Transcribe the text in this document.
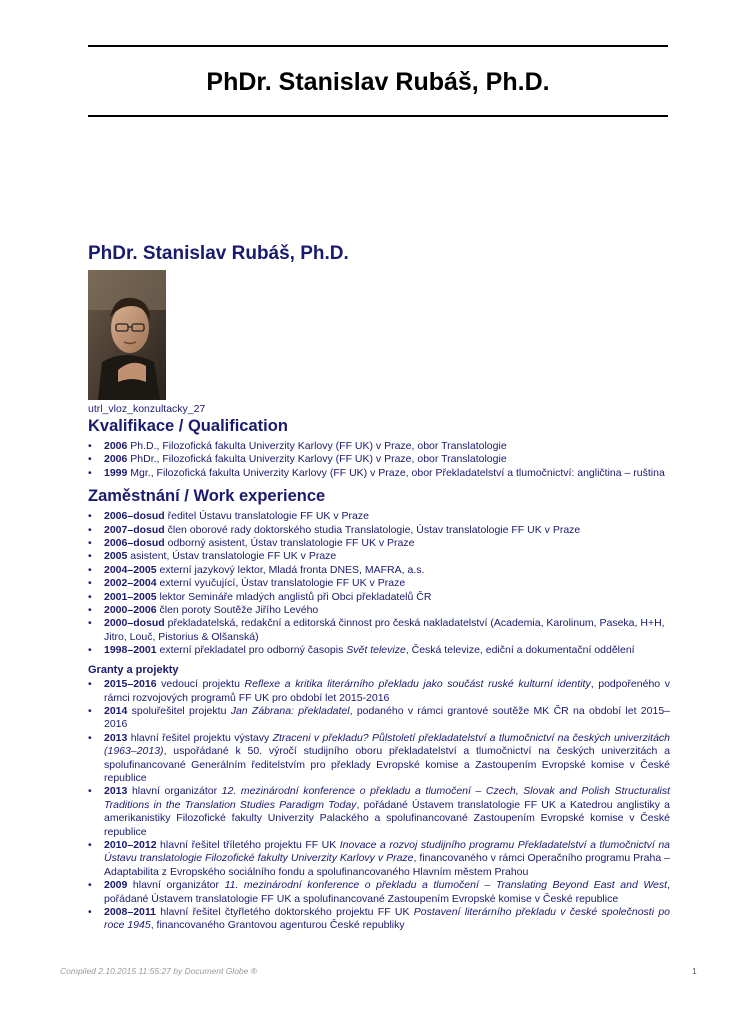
PhDr. Stanislav Rubáš, Ph.D.
PhDr. Stanislav Rubáš, Ph.D.
utrl_vloz_konzultacky_27
Kvalifikace / Qualification
• 2006 Ph.D., Filozofická fakulta Univerzity Karlovy (FF UK) v Praze, obor Translatologie
• 2006 PhDr., Filozofická fakulta Univerzity Karlovy (FF UK) v Praze, obor Translatologie
• 1999 Mgr., Filozofická fakulta Univerzity Karlovy (FF UK) v Praze, obor Překladatelství a tlumočnictví: angličtina – ruština
Zaměstnání / Work experience
• 2006–dosud ředitel Ústavu translatologie FF UK v Praze
• 2007–dosud člen oborové rady doktorského studia Translatologie, Ústav translatologie FF UK v Praze
• 2006–dosud odborný asistent, Ústav translatologie FF UK v Praze
• 2005 asistent, Ústav translatologie FF UK v Praze
• 2004–2005 externí jazykový lektor, Mladá fronta DNES, MAFRA, a.s.
• 2002–2004 externí vyučující, Ústav translatologie FF UK v Praze
• 2001–2005 lektor Semináře mladých anglistů při Obci překladatelů ČR
• 2000–2006 člen poroty Soutěže Jiřího Levého
• 2000–dosud překladatelská, redakční a editorská činnost pro česká nakladatelství (Academia, Karolinum, Paseka, H+H, Jitro, Louč, Pistorius & Olšanská)
• 1998–2001 externí překladatel pro odborný časopis Svět televize, Česká televize, ediční a dokumentační oddělení
Granty a projekty
• 2015–2016 vedoucí projektu Reflexe a kritika literárního překladu jako součást ruské kulturní identity, podpořeného v rámci rozvojových programů FF UK pro období let 2015-2016
• 2014 spoluřešitel projektu Jan Zábrana: překladatel, podaného v rámci grantové soutěže MK ČR na období let 2015–2016
• 2013 hlavní řešitel projektu výstavy Ztraceni v překladu? Půlstoletí překladatelství a tlumočnictví na českých univerzitách (1963–2013), uspořádané k 50. výročí studijního oboru překladatelství a tlumočnictví na českých univerzitách a spolufinancované Generálním ředitelstvím pro překlady Evropské komise a Zastoupením Evropské komise v České republice
• 2013 hlavní organizátor 12. mezinárodní konference o překladu a tlumočení – Czech, Slovak and Polish Structuralist Traditions in the Translation Studies Paradigm Today, pořádané Ústavem translatologie FF UK a Katedrou anglistiky a amerikanistiky Filozofické fakulty Univerzity Palackého a spolufinancované Zastoupením Evropské komise v České republice
• 2010–2012 hlavní řešitel tříletého projektu FF UK Inovace a rozvoj studijního programu Překladatelství a tlumočnictví na Ústavu translatologie Filozofické fakulty Univerzity Karlovy v Praze, financovaného v rámci Operačního programu Praha – Adaptabilita z Evropského sociálního fondu a spolufinancovaného Hlavním městem Prahou
• 2009 hlavní organizátor 11. mezinárodní konference o překladu a tlumočení – Translating Beyond East and West, pořádané Ústavem translatologie FF UK a spolufinancované Zastoupením Evropské komise v České republice
• 2008–2011 hlavní řešitel čtyřletého doktorského projektu FF UK Postavení literárního překladu v české společnosti po roce 1945, financovaného Grantovou agenturou České republiky
Compiled 2.10.2015 11:55:27 by Document Globe ®	1
